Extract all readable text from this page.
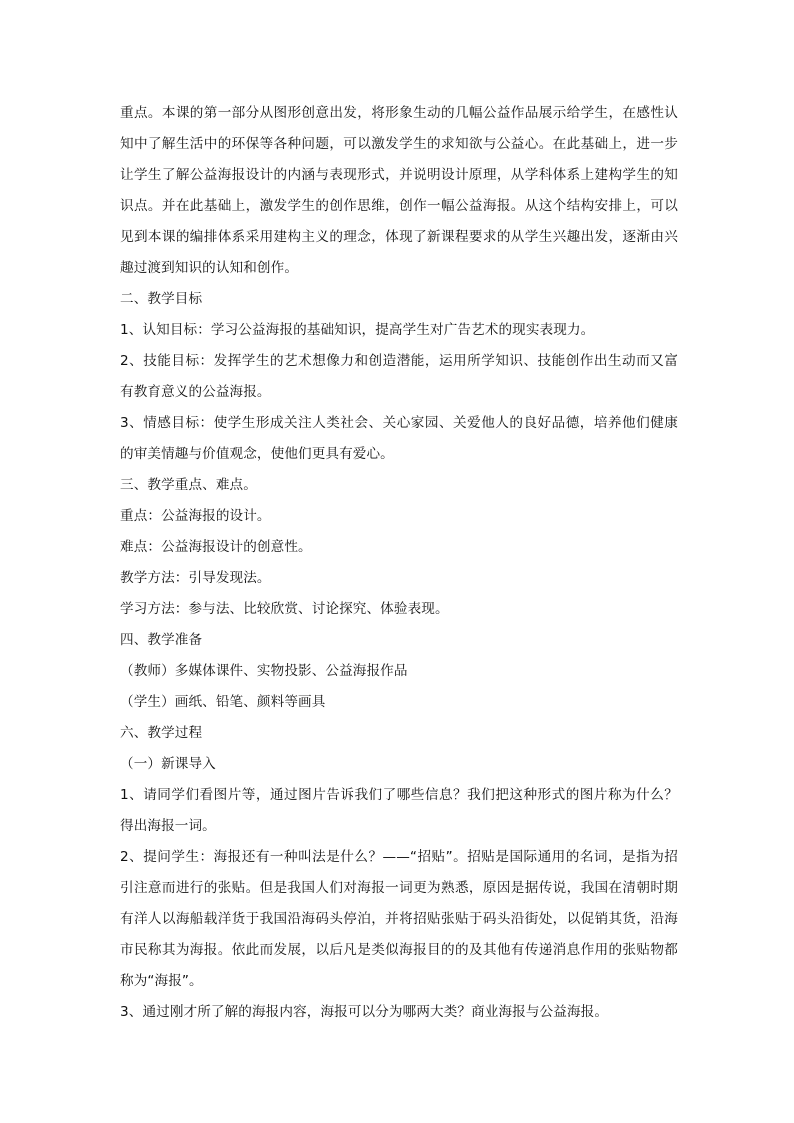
重点。本课的第一部分从图形创意出发，将形象生动的几幅公益作品展示给学生，在感性认
知中了解生活中的环保等各种问题，可以激发学生的求知欲与公益心。在此基础上，进一步
让学生了解公益海报设计的内涵与表现形式，并说明设计原理，从学科体系上建构学生的知
识点。并在此基础上，激发学生的创作思维，创作一幅公益海报。从这个结构安排上，可以
见到本课的编排体系采用建构主义的理念，体现了新课程要求的从学生兴趣出发，逐渐由兴
趣过渡到知识的认知和创作。
二、教学目标
1、认知目标：学习公益海报的基础知识，提高学生对广告艺术的现实表现力。
2、技能目标：发挥学生的艺术想像力和创造潜能，运用所学知识、技能创作出生动而又富
有教育意义的公益海报。
3、情感目标：使学生形成关注人类社会、关心家园、关爱他人的良好品德，培养他们健康
的审美情趣与价值观念，使他们更具有爱心。
三、教学重点、难点。
重点：公益海报的设计。
难点：公益海报设计的创意性。
教学方法：引导发现法。
学习方法：参与法、比较欣赏、讨论探究、体验表现。
四、教学准备
（教师）多媒体课件、实物投影、公益海报作品
（学生）画纸、铅笔、颜料等画具
六、教学过程
（一）新课导入
1、请同学们看图片等，通过图片告诉我们了哪些信息？我们把这种形式的图片称为什么？
得出海报一词。
2、提问学生：海报还有一种叫法是什么？——“招贴”。招贴是国际通用的名词，是指为招
引注意而进行的张贴。但是我国人们对海报一词更为熟悉，原因是据传说，我国在清朝时期
有洋人以海船载洋货于我国沿海码头停泊，并将招贴张贴于码头沿街处，以促销其货，沿海
市民称其为海报。依此而发展，以后凡是类似海报目的的及其他有传递消息作用的张贴物都
称为“海报”。
3、通过刚才所了解的海报内容，海报可以分为哪两大类？商业海报与公益海报。
